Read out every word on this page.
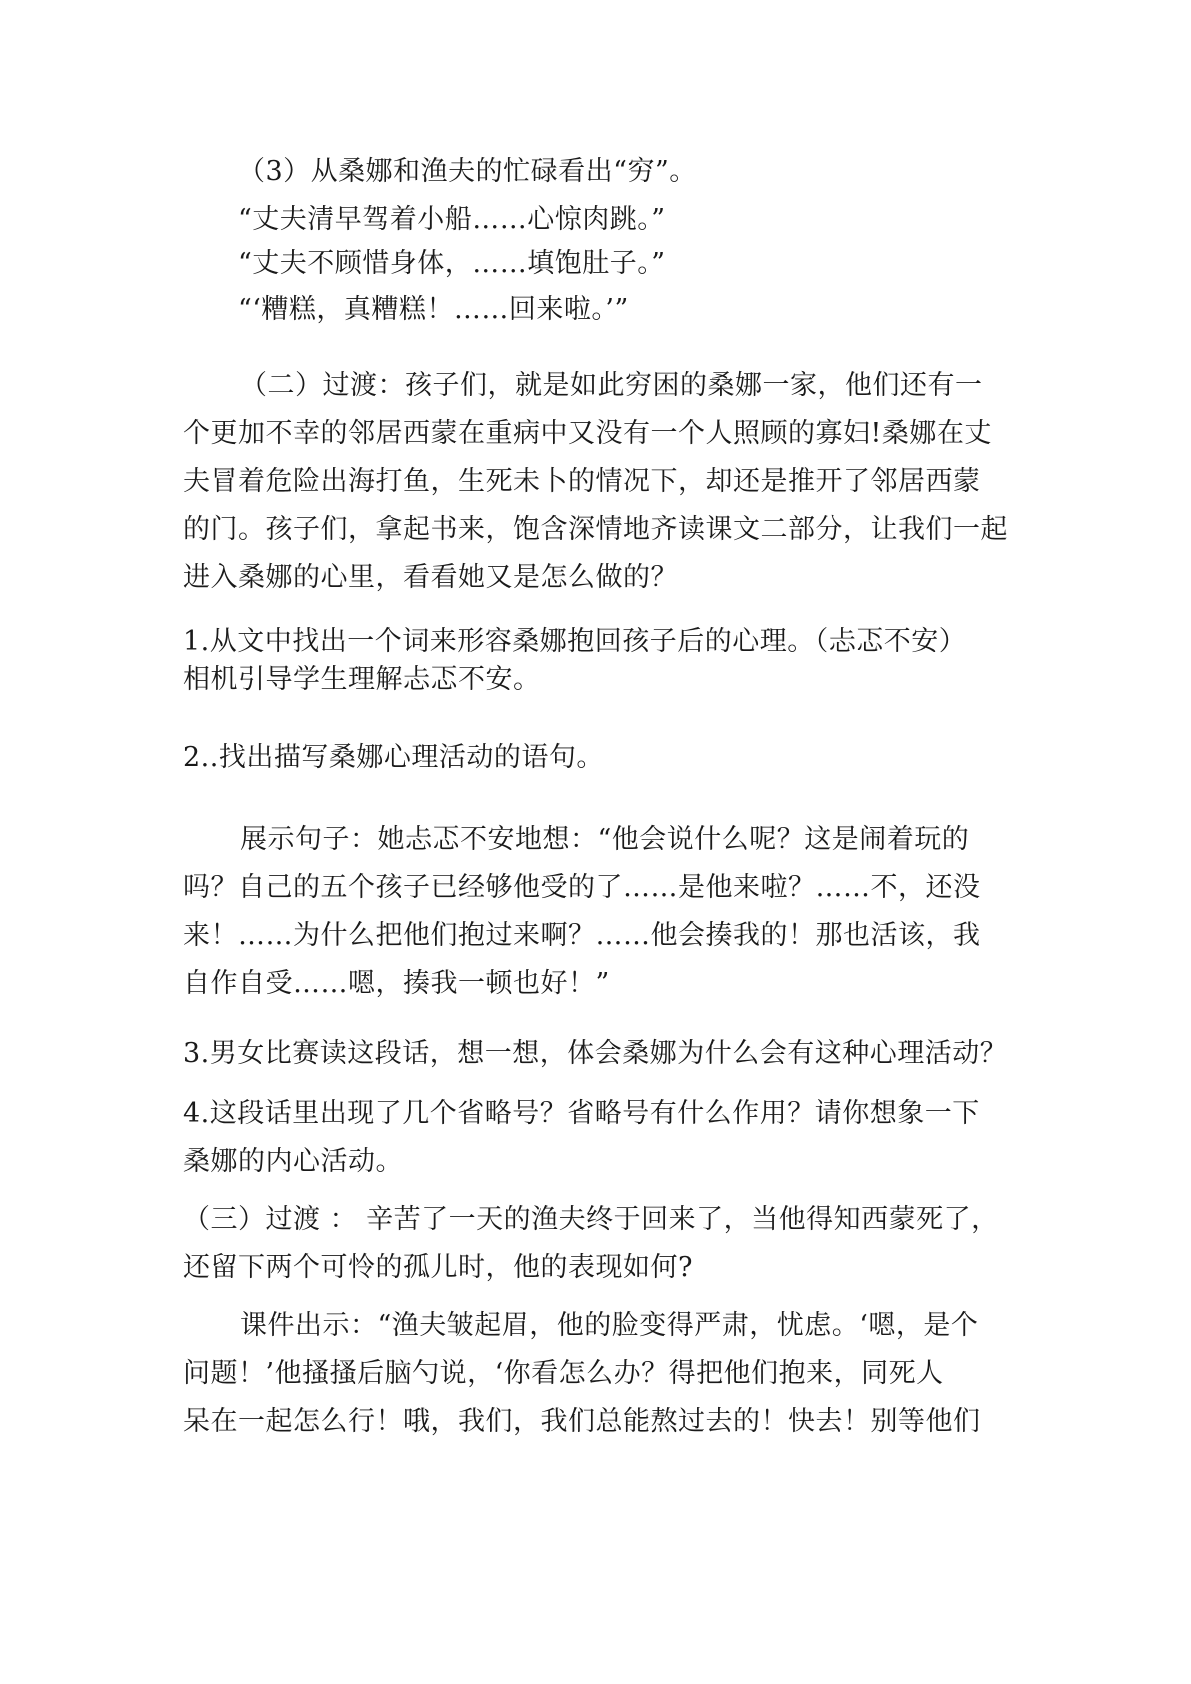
（3）从桑娜和渔夫的忙碌看出“穷”。
“丈夫清早驾着小船……心惊肉跳。”
“丈夫不顾惜身体，……填饱肚子。”
“‘糟糕，真糟糕！……回来啦。’”
（二）过渡：孩子们，就是如此穷困的桑娜一家，他们还有一
个更加不幸的邻居西蒙在重病中又没有一个人照顾的寡妇!桑娜在丈
夫冒着危险出海打鱼，生死未卜的情况下，却还是推开了邻居西蒙
的门。孩子们，拿起书来，饱含深情地齐读课文二部分，让我们一起
进入桑娜的心里，看看她又是怎么做的？
1.从文中找出一个词来形容桑娜抱回孩子后的心理。（忐忑不安）
相机引导学生理解忐忑不安。
2..找出描写桑娜心理活动的语句。
展示句子：她忐忑不安地想：“他会说什么呢？这是闹着玩的
吗？自己的五个孩子已经够他受的了……是他来啦？……不，还没
来！……为什么把他们抱过来啊？……他会揍我的！那也活该，我
自作自受……嗯，揍我一顿也好！”
3.男女比赛读这段话，想一想，体会桑娜为什么会有这种心理活动？
4.这段话里出现了几个省略号？省略号有什么作用？请你想象一下
桑娜的内心活动。
（三）过渡 ： 辛苦了一天的渔夫终于回来了，当他得知西蒙死了，
还留下两个可怜的孤儿时，他的表现如何?
课件出示：“渔夫皱起眉，他的脸变得严肃，忧虑。‘嗯，是个
问题！’他搔搔后脑勺说，‘你看怎么办？得把他们抱来，同死人
呆在一起怎么行！哦，我们，我们总能熬过去的！快去！别等他们
